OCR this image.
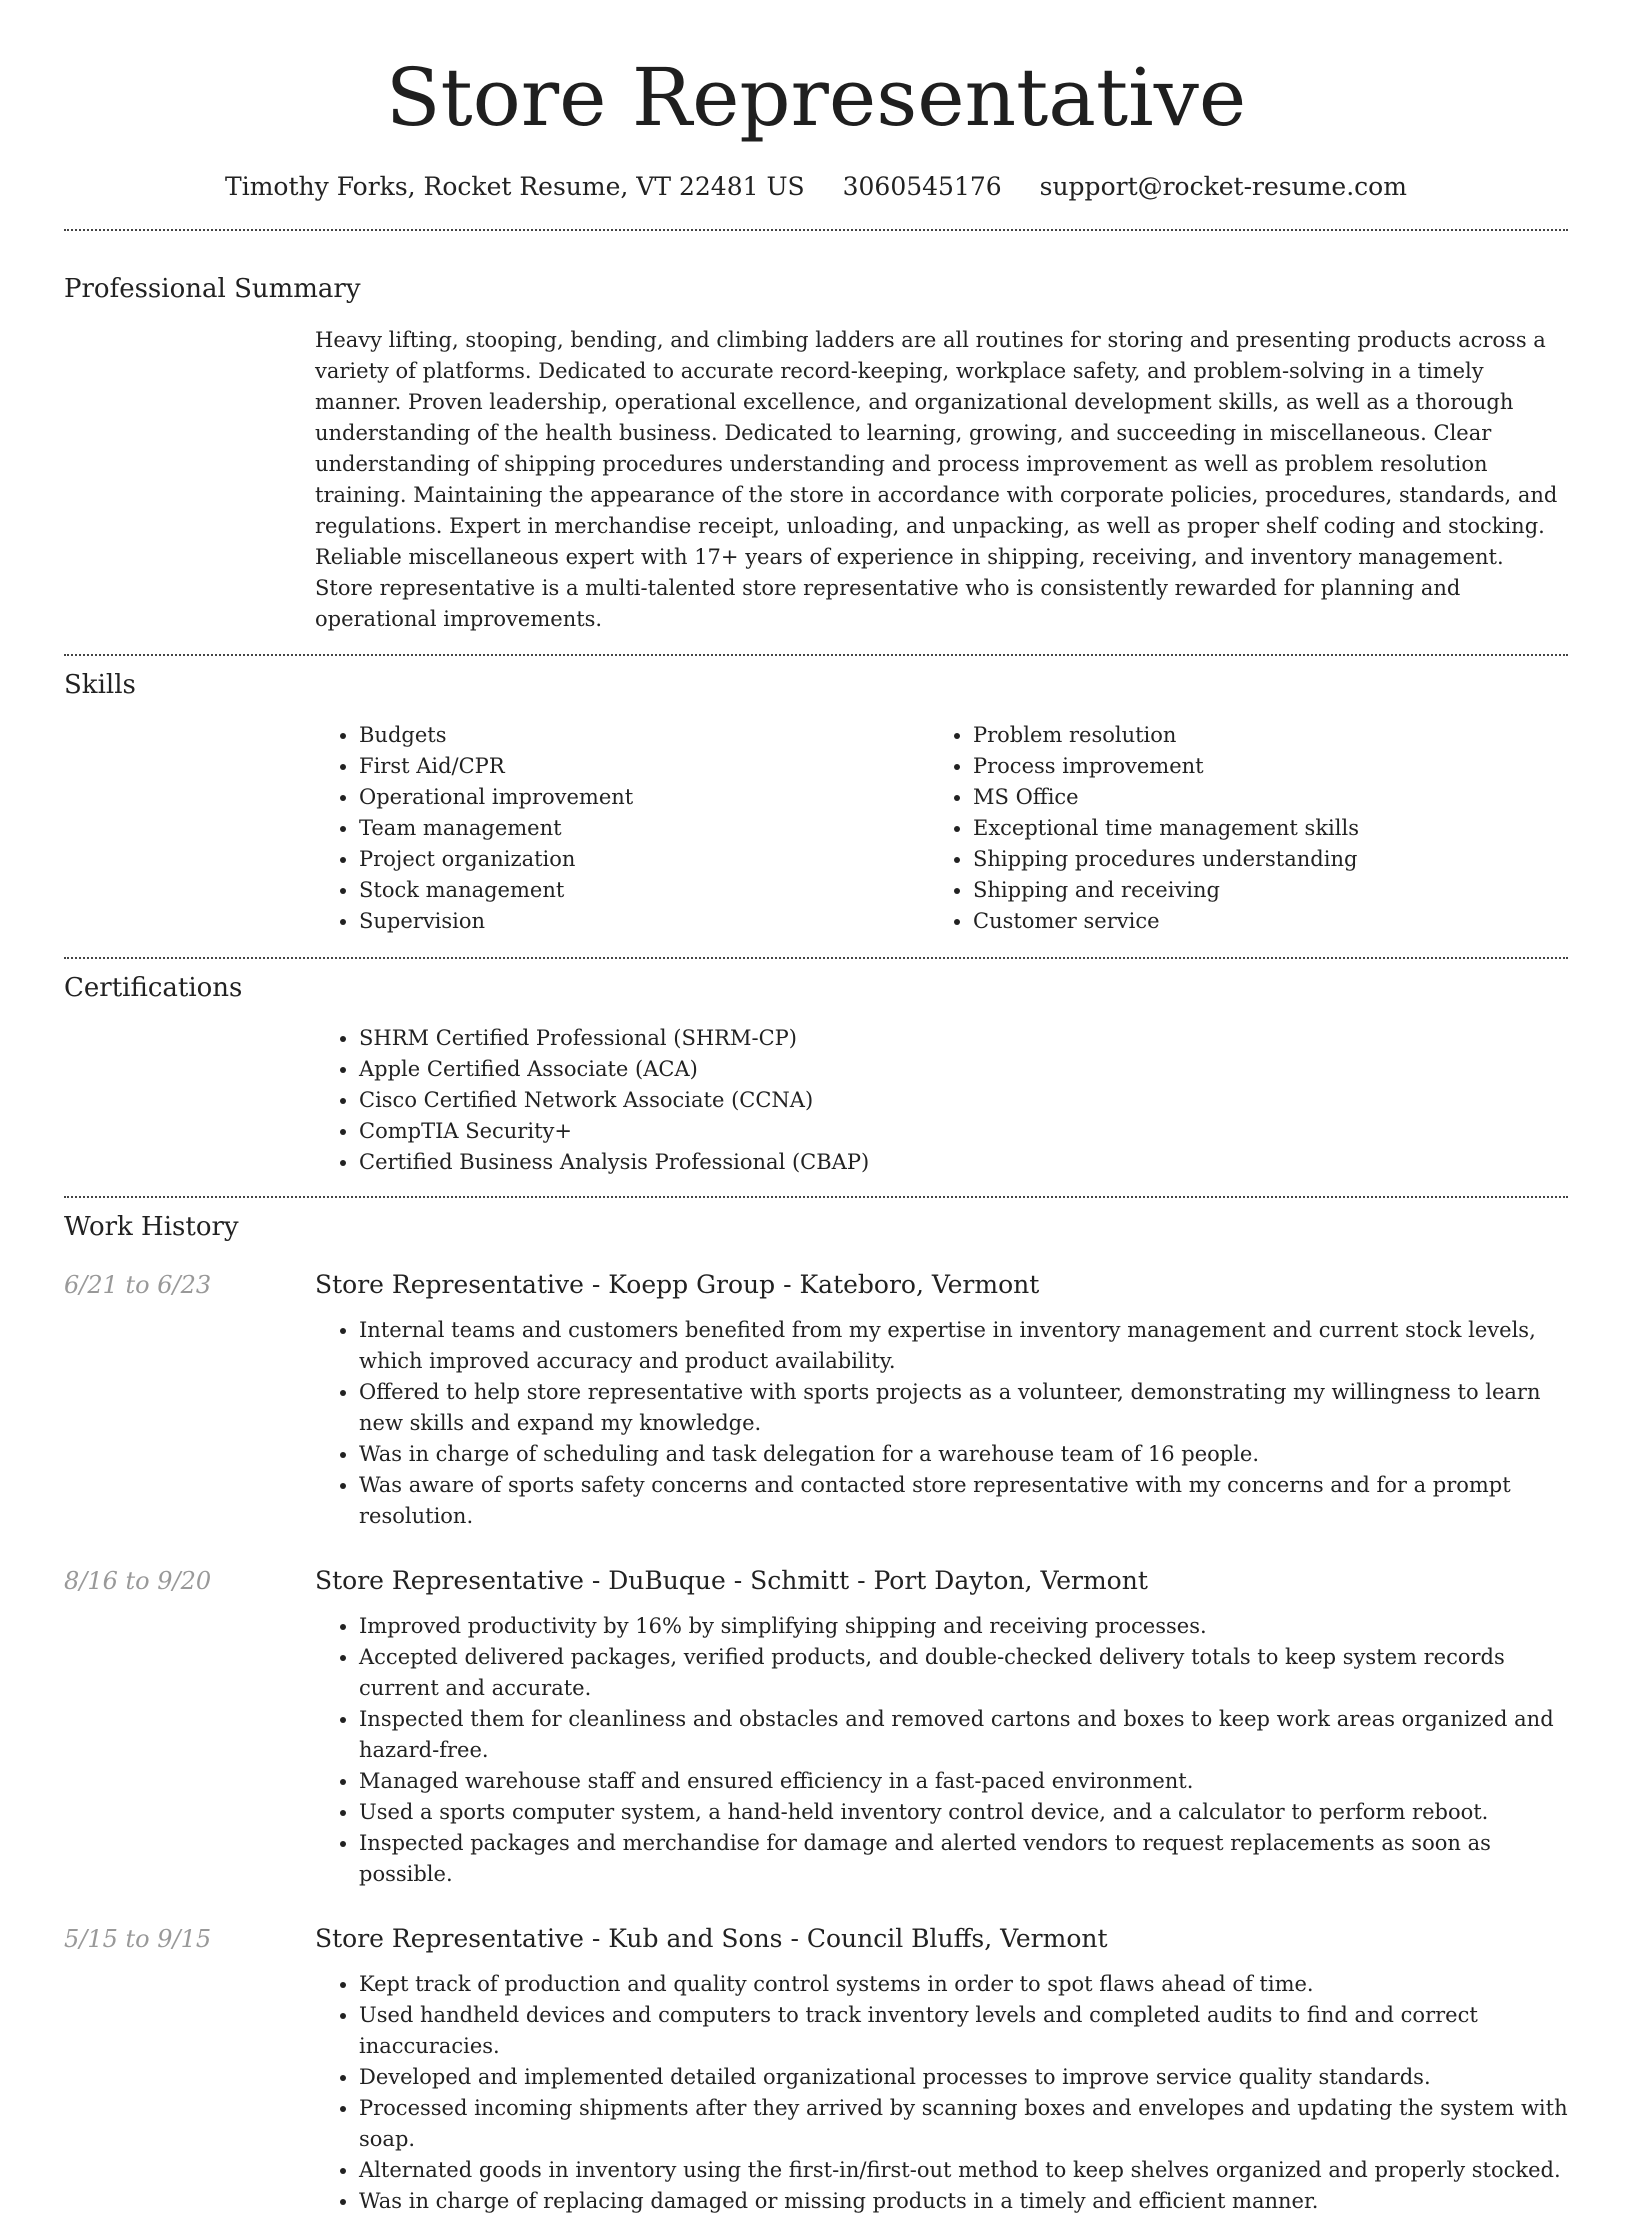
Store Representative
Timothy Forks, Rocket Resume, VT 22481 US 3060545176 support@rocket-resume.com
Professional Summary
Heavy lifting, stooping, bending, and climbing ladders are all routines for storing and presenting products across a variety of platforms. Dedicated to accurate record-keeping, workplace safety, and problem-solving in a timely manner. Proven leadership, operational excellence, and organizational development skills, as well as a thorough understanding of the health business. Dedicated to learning, growing, and succeeding in miscellaneous. Clear understanding of shipping procedures understanding and process improvement as well as problem resolution training. Maintaining the appearance of the store in accordance with corporate policies, procedures, standards, and regulations. Expert in merchandise receipt, unloading, and unpacking, as well as proper shelf coding and stocking. Reliable miscellaneous expert with 17+ years of experience in shipping, receiving, and inventory management. Store representative is a multi-talented store representative who is consistently rewarded for planning and operational improvements.
Skills
• Budgets
• First Aid/CPR
• Operational improvement
• Team management
• Project organization
• Stock management
• Supervision
• Problem resolution
• Process improvement
• MS Office
• Exceptional time management skills
• Shipping procedures understanding
• Shipping and receiving
• Customer service
Certifications
• SHRM Certified Professional (SHRM-CP)
• Apple Certified Associate (ACA)
• Cisco Certified Network Associate (CCNA)
• CompTIA Security+
• Certified Business Analysis Professional (CBAP)
Work History
6/21 to 6/23	Store Representative - Koepp Group - Kateboro, Vermont
• Internal teams and customers benefited from my expertise in inventory management and current stock levels, which improved accuracy and product availability.
• Offered to help store representative with sports projects as a volunteer, demonstrating my willingness to learn new skills and expand my knowledge.
• Was in charge of scheduling and task delegation for a warehouse team of 16 people.
• Was aware of sports safety concerns and contacted store representative with my concerns and for a prompt resolution.
8/16 to 9/20	Store Representative - DuBuque - Schmitt - Port Dayton, Vermont
• Improved productivity by 16% by simplifying shipping and receiving processes.
• Accepted delivered packages, verified products, and double-checked delivery totals to keep system records current and accurate.
• Inspected them for cleanliness and obstacles and removed cartons and boxes to keep work areas organized and hazard-free.
• Managed warehouse staff and ensured efficiency in a fast-paced environment.
• Used a sports computer system, a hand-held inventory control device, and a calculator to perform reboot.
• Inspected packages and merchandise for damage and alerted vendors to request replacements as soon as possible.
5/15 to 9/15	Store Representative - Kub and Sons - Council Bluffs, Vermont
• Kept track of production and quality control systems in order to spot flaws ahead of time.
• Used handheld devices and computers to track inventory levels and completed audits to find and correct inaccuracies.
• Developed and implemented detailed organizational processes to improve service quality standards.
• Processed incoming shipments after they arrived by scanning boxes and envelopes and updating the system with soap.
• Alternated goods in inventory using the first-in/first-out method to keep shelves organized and properly stocked.
• Was in charge of replacing damaged or missing products in a timely and efficient manner.
